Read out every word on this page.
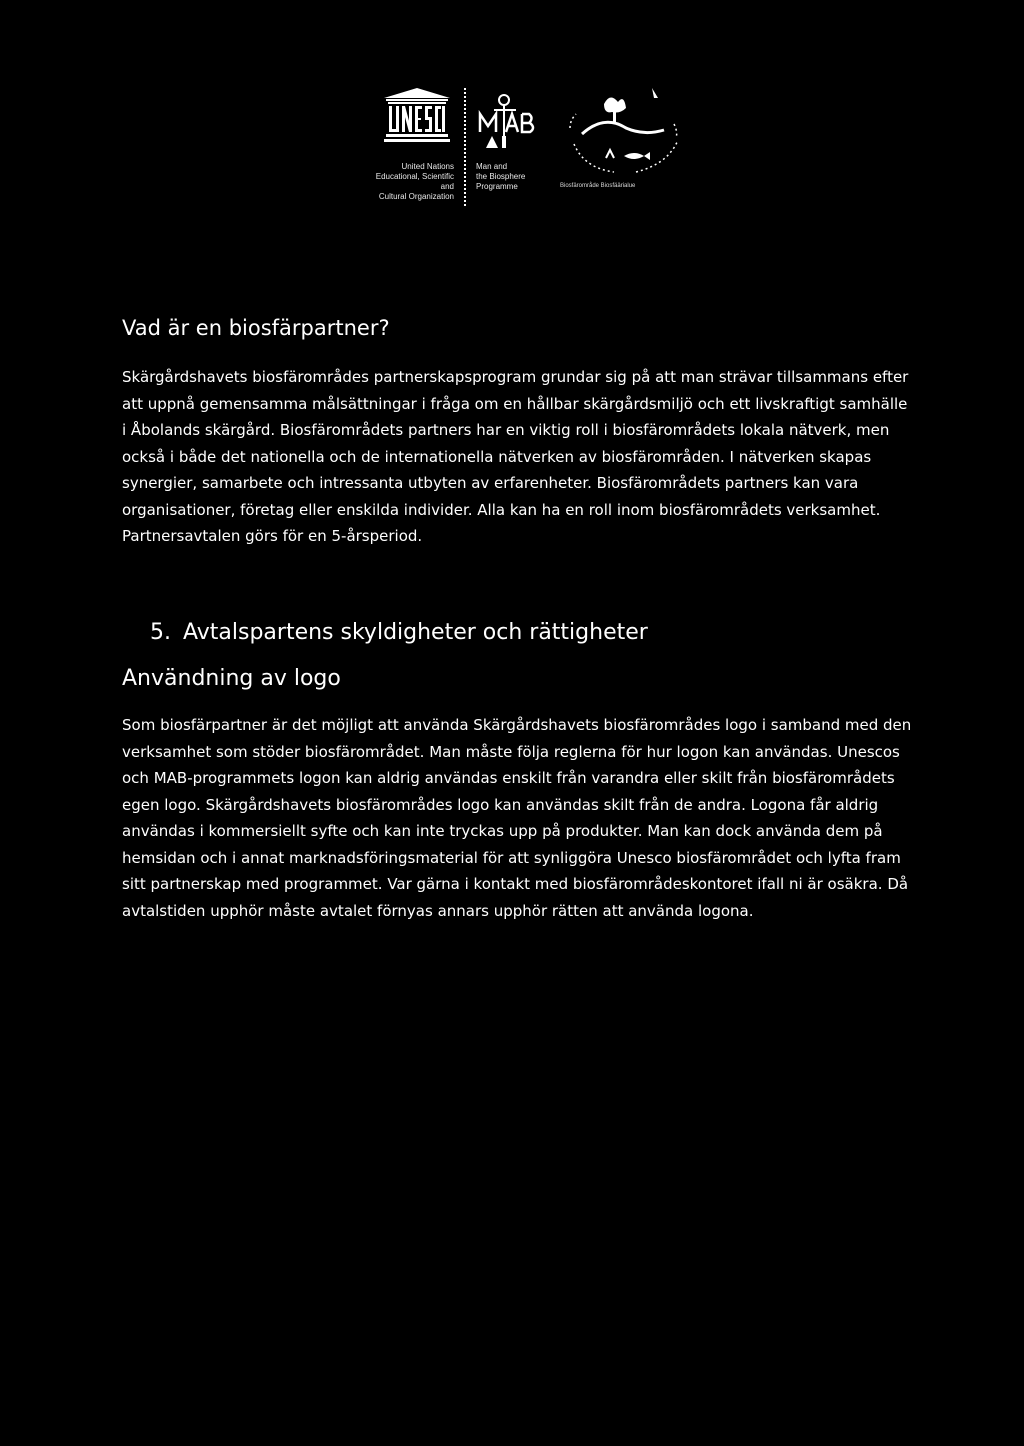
United Nations
Educational, Scientific and
Cultural Organization
Man and
the Biosphere
Programme	Biosfärområde Biosfäärialue
Vad är en biosfärpartner?

Skärgårdshavets biosfärområdes partnerskapsprogram grundar sig på att man strävar tillsammans efter att uppnå gemensamma målsättningar i fråga om en hållbar skärgårdsmiljö och ett livskraftigt samhälle i Åbolands skärgård. Biosfärområdets partners har en viktig roll i biosfärområdets lokala nätverk, men också i både det nationella och de internationella nätverken av biosfärområden. I nätverken skapas synergier, samarbete och intressanta utbyten av erfarenheter. Biosfärområdets partners kan vara organisationer, företag eller enskilda individer. Alla kan ha en roll inom biosfärområdets verksamhet. Partnersavtalen görs för en 5-årsperiod.

5. Avtalspartens skyldigheter och rättigheter
Användning av logo

Som biosfärpartner är det möjligt att använda Skärgårdshavets biosfärområdes logo i samband med den verksamhet som stöder biosfärområdet. Man måste följa reglerna för hur logon kan användas. Unescos och MAB-programmets logon kan aldrig användas enskilt från varandra eller skilt från biosfärområdets egen logo. Skärgårdshavets biosfärområdes logo kan användas skilt från de andra. Logona får aldrig användas i kommersiellt syfte och kan inte tryckas upp på produkter. Man kan dock använda dem på hemsidan och i annat marknadsföringsmaterial för att synliggöra Unesco biosfärområdet och lyfta fram sitt partnerskap med programmet. Var gärna i kontakt med biosfärområdeskontoret ifall ni är osäkra. Då avtalstiden upphör måste avtalet förnyas annars upphör rätten att använda logona.
